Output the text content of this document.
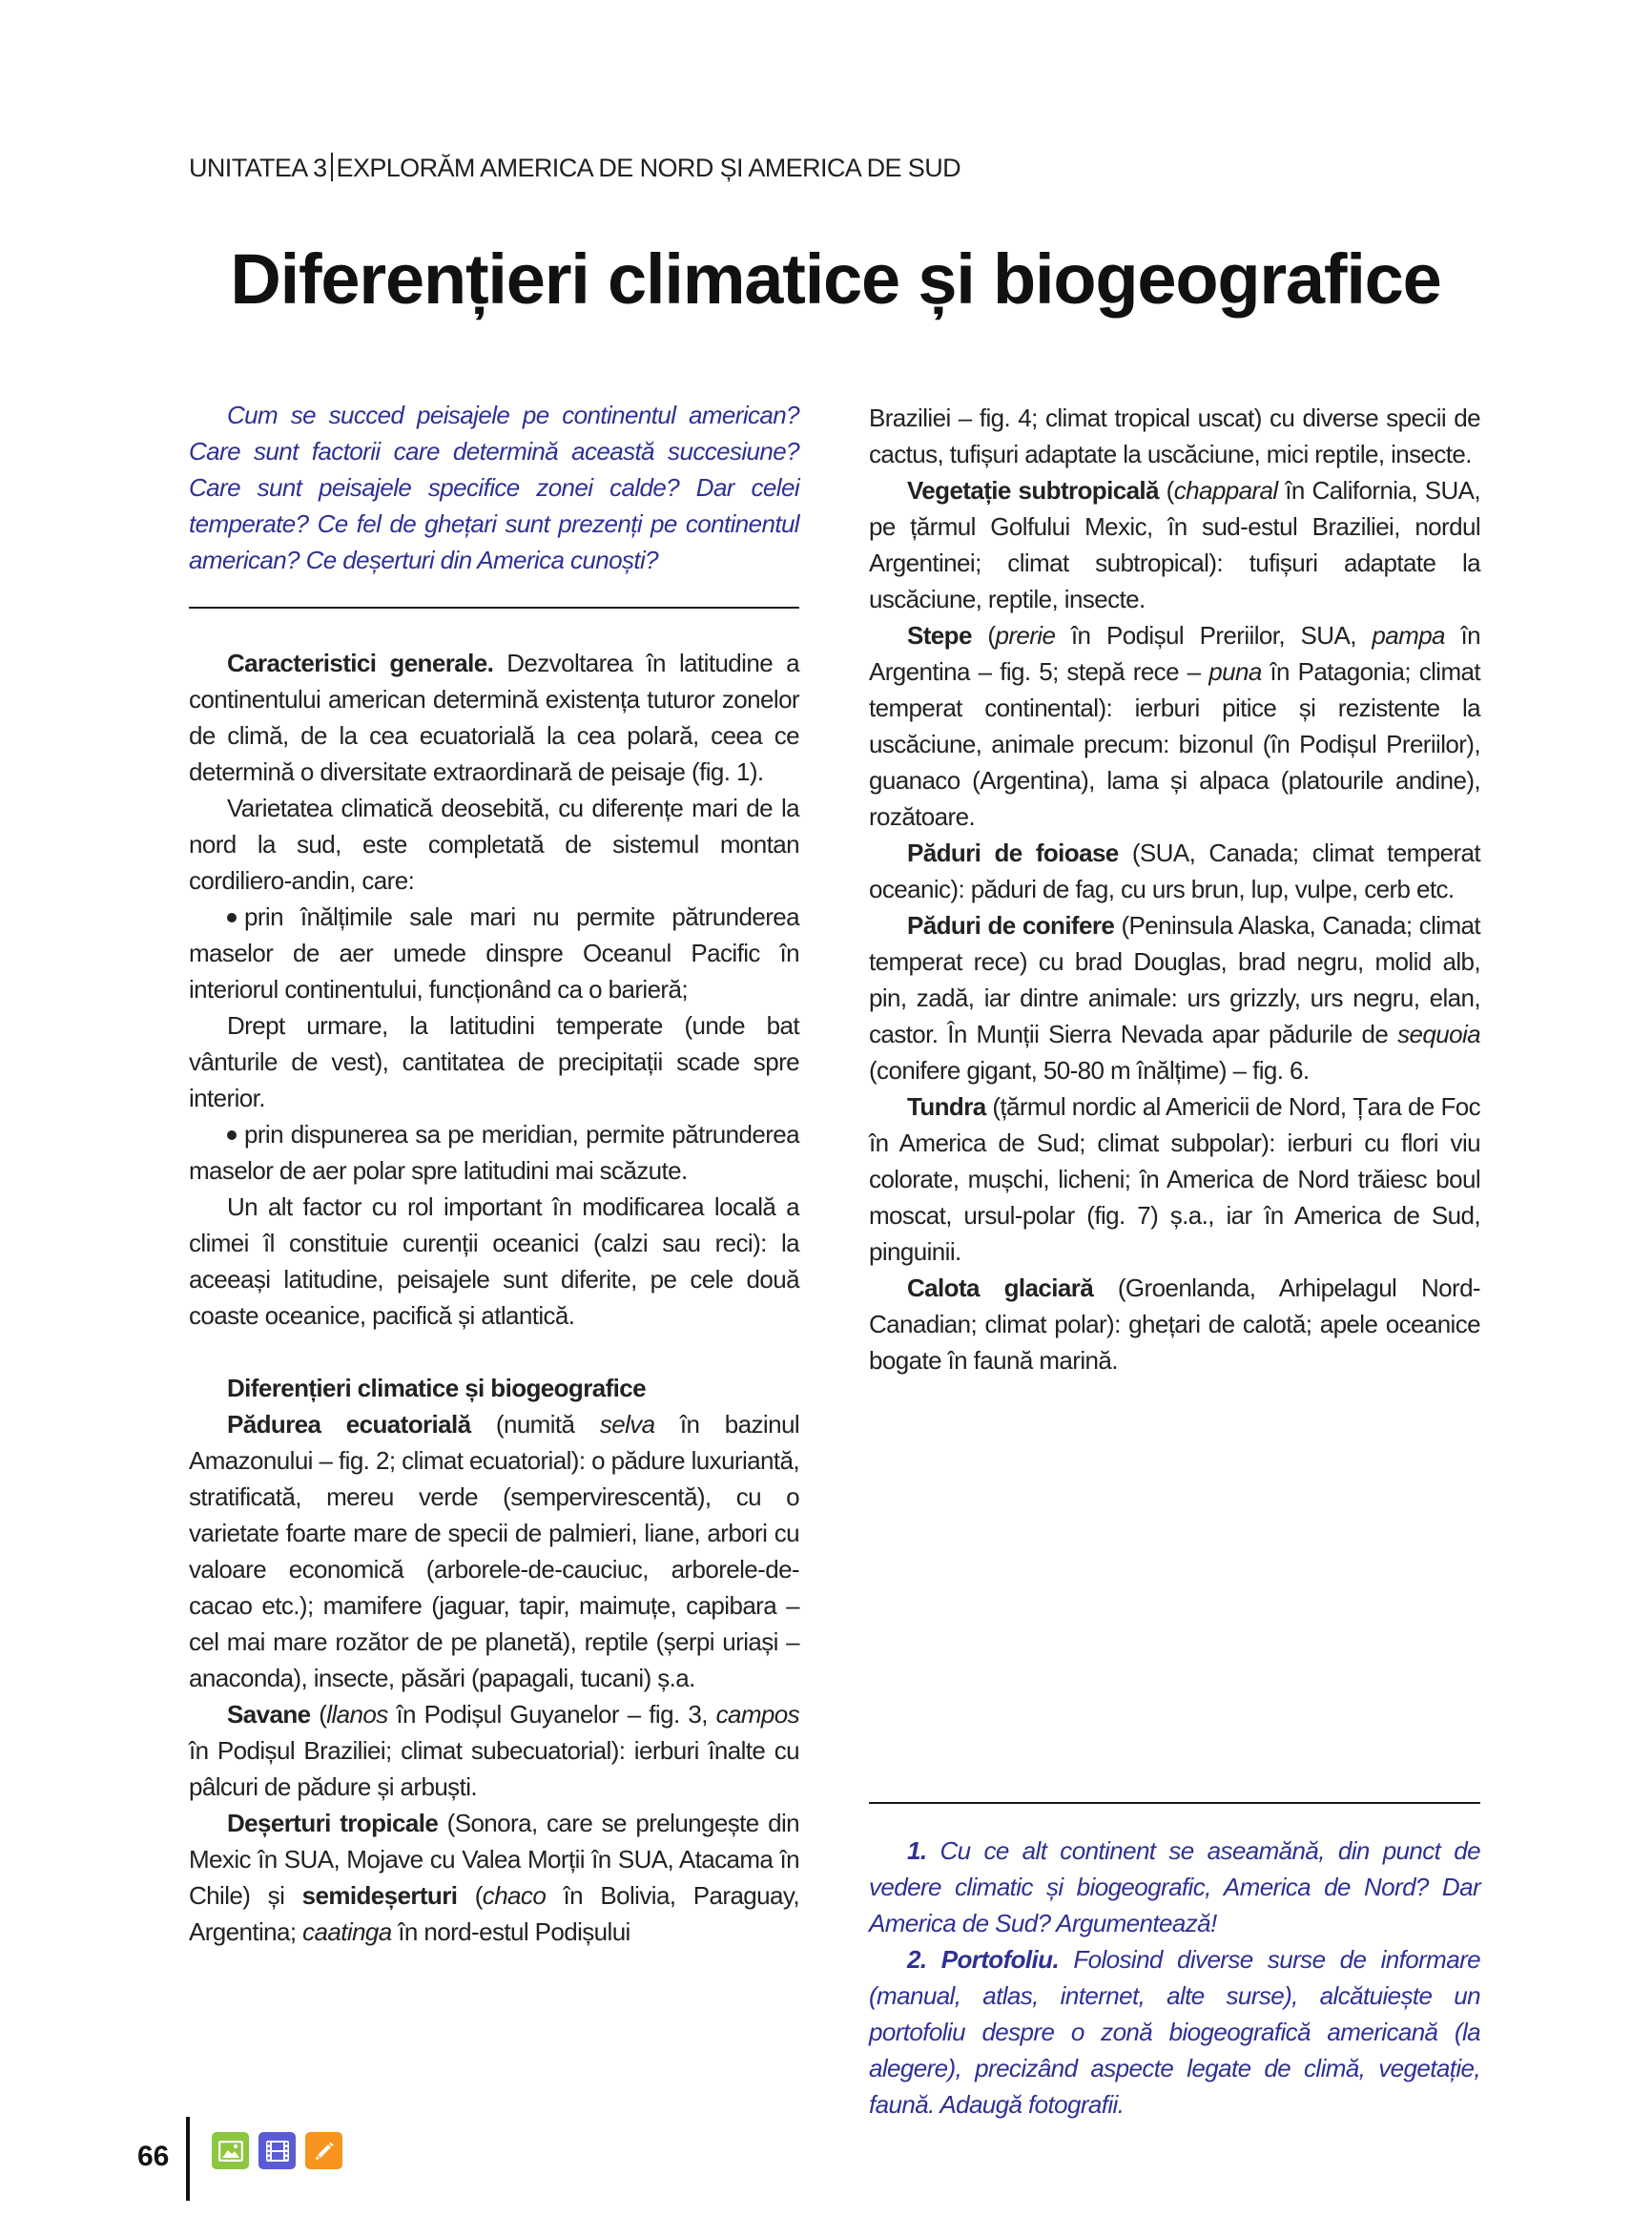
UNITATEA 3 EXPLORĂM AMERICA DE NORD ȘI AMERICA DE SUD
Diferențieri climatice și biogeografice

Cum se succed peisajele pe continentul american? Care sunt factorii care determină această succesiune? Care sunt peisajele specifice zonei calde? Dar celei temperate? Ce fel de ghețari sunt prezenți pe continentul american? Ce deșerturi din America cunoști?

Caracteristici generale. Dezvoltarea în latitudine a continentului american determină existența tuturor zonelor de climă, de la cea ecuatorială la cea polară, ceea ce determină o diversitate extraordinară de peisaje (fig. 1).

Varietatea climatică deosebită, cu diferențe mari de la nord la sud, este completată de sistemul montan cordiliero-andin, care:

prin înălțimile sale mari nu permite pătrunderea maselor de aer umede dinspre Oceanul Pacific în interiorul continentului, funcționând ca o barieră;

Drept urmare, la latitudini temperate (unde bat vânturile de vest), cantitatea de precipitații scade spre interior.

prin dispunerea sa pe meridian, permite pătrunderea maselor de aer polar spre latitudini mai scăzute.

Un alt factor cu rol important în modificarea locală a climei îl constituie curenții oceanici (calzi sau reci): la aceeași latitudine, peisajele sunt diferite, pe cele două coaste oceanice, pacifică și atlantică.

Diferențieri climatice și biogeografice

Pădurea ecuatorială (numită selva în bazinul Amazonului – fig. 2; climat ecuatorial): o pădure luxuriantă, stratificată, mereu verde (sempervirescentă), cu o varietate foarte mare de specii de palmieri, liane, arbori cu valoare economică (arborele-de-cauciuc, arborele-de-cacao etc.); mamifere (jaguar, tapir, maimuțe, capibara – cel mai mare rozător de pe planetă), reptile (șerpi uriași – anaconda), insecte, păsări (papagali, tucani) ș.a.

Savane (llanos în Podișul Guyanelor – fig. 3, campos în Podișul Braziliei; climat subecuatorial): ierburi înalte cu pâlcuri de pădure și arbuști.

Deșerturi tropicale (Sonora, care se prelungește din Mexic în SUA, Mojave cu Valea Morții în SUA, Atacama în Chile) și semideșerturi (chaco în Bolivia, Paraguay, Argentina; caatinga în nord-estul Podișului

Braziliei – fig. 4; climat tropical uscat) cu diverse specii de cactus, tufișuri adaptate la uscăciune, mici reptile, insecte.

Vegetație subtropicală (chapparal în California, SUA, pe țărmul Golfului Mexic, în sud-estul Braziliei, nordul Argentinei; climat subtropical): tufișuri adaptate la uscăciune, reptile, insecte.

Stepe (prerie în Podișul Preriilor, SUA, pampa în Argentina – fig. 5; stepă rece – puna în Patagonia; climat temperat continental): ierburi pitice și rezistente la uscăciune, animale precum: bizonul (în Podișul Preriilor), guanaco (Argentina), lama și alpaca (platourile andine), rozătoare.

Păduri de foioase (SUA, Canada; climat temperat oceanic): păduri de fag, cu urs brun, lup, vulpe, cerb etc.

Păduri de conifere (Peninsula Alaska, Canada; climat temperat rece) cu brad Douglas, brad negru, molid alb, pin, zadă, iar dintre animale: urs grizzly, urs negru, elan, castor. În Munții Sierra Nevada apar pădurile de sequoia (conifere gigant, 50-80 m înălțime) – fig. 6.

Tundra (țărmul nordic al Americii de Nord, Țara de Foc în America de Sud; climat subpolar): ierburi cu flori viu colorate, mușchi, licheni; în America de Nord trăiesc boul moscat, ursul-polar (fig. 7) ș.a., iar în America de Sud, pinguinii.

Calota glaciară (Groenlanda, Arhipelagul Nord-Canadian; climat polar): ghețari de calotă; apele oceanice bogate în faună marină.

1. Cu ce alt continent se aseamănă, din punct de vedere climatic și biogeografic, America de Nord? Dar America de Sud? Argumentează!

2. Portofoliu. Folosind diverse surse de informare (manual, atlas, internet, alte surse), alcătuiește un portofoliu despre o zonă biogeografică americană (la alegere), precizând aspecte legate de climă, vegetație, faună. Adaugă fotografii.

66
